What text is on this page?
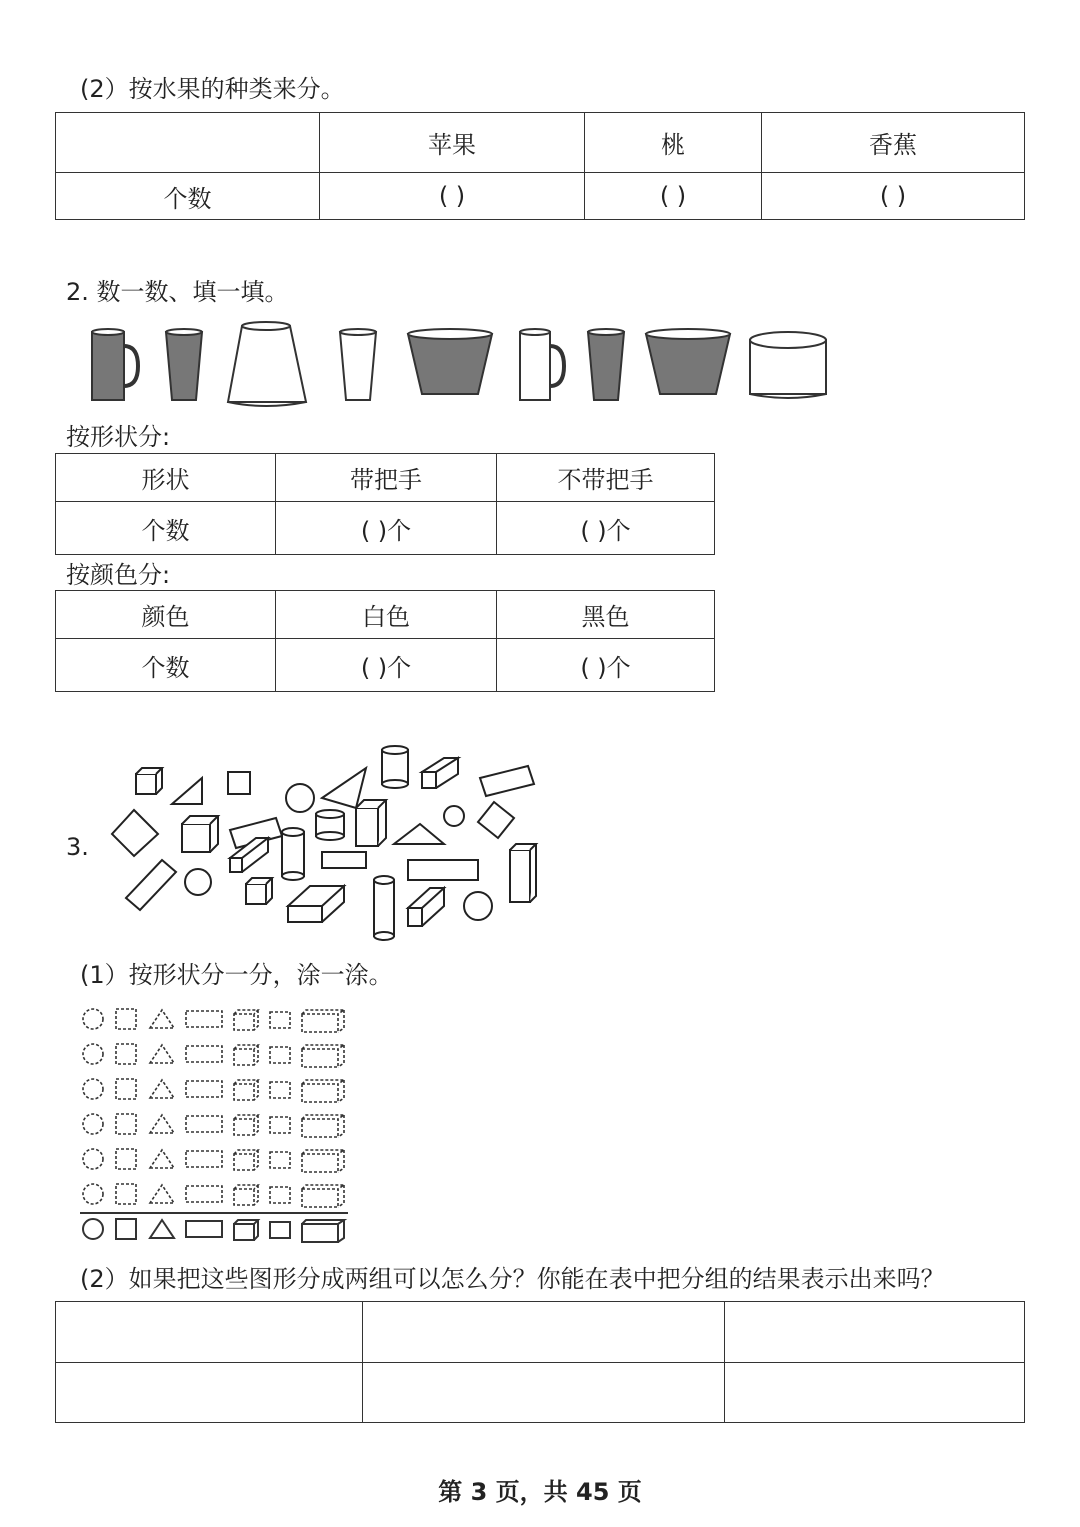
(2）按水果的种类来分。
	苹果	桃	香蕉
个数	( )	( )	( )
2. 数一数、填一填。
按形状分:
形状	带把手	不带把手
个数	( )个	( )个
按颜色分:
颜色	白色	黑色
个数	( )个	( )个
3.
(1）按形状分一分，涂一涂。
(2）如果把这些图形分成两组可以怎么分？你能在表中把分组的结果表示出来吗？

第 3 页，共 45 页
